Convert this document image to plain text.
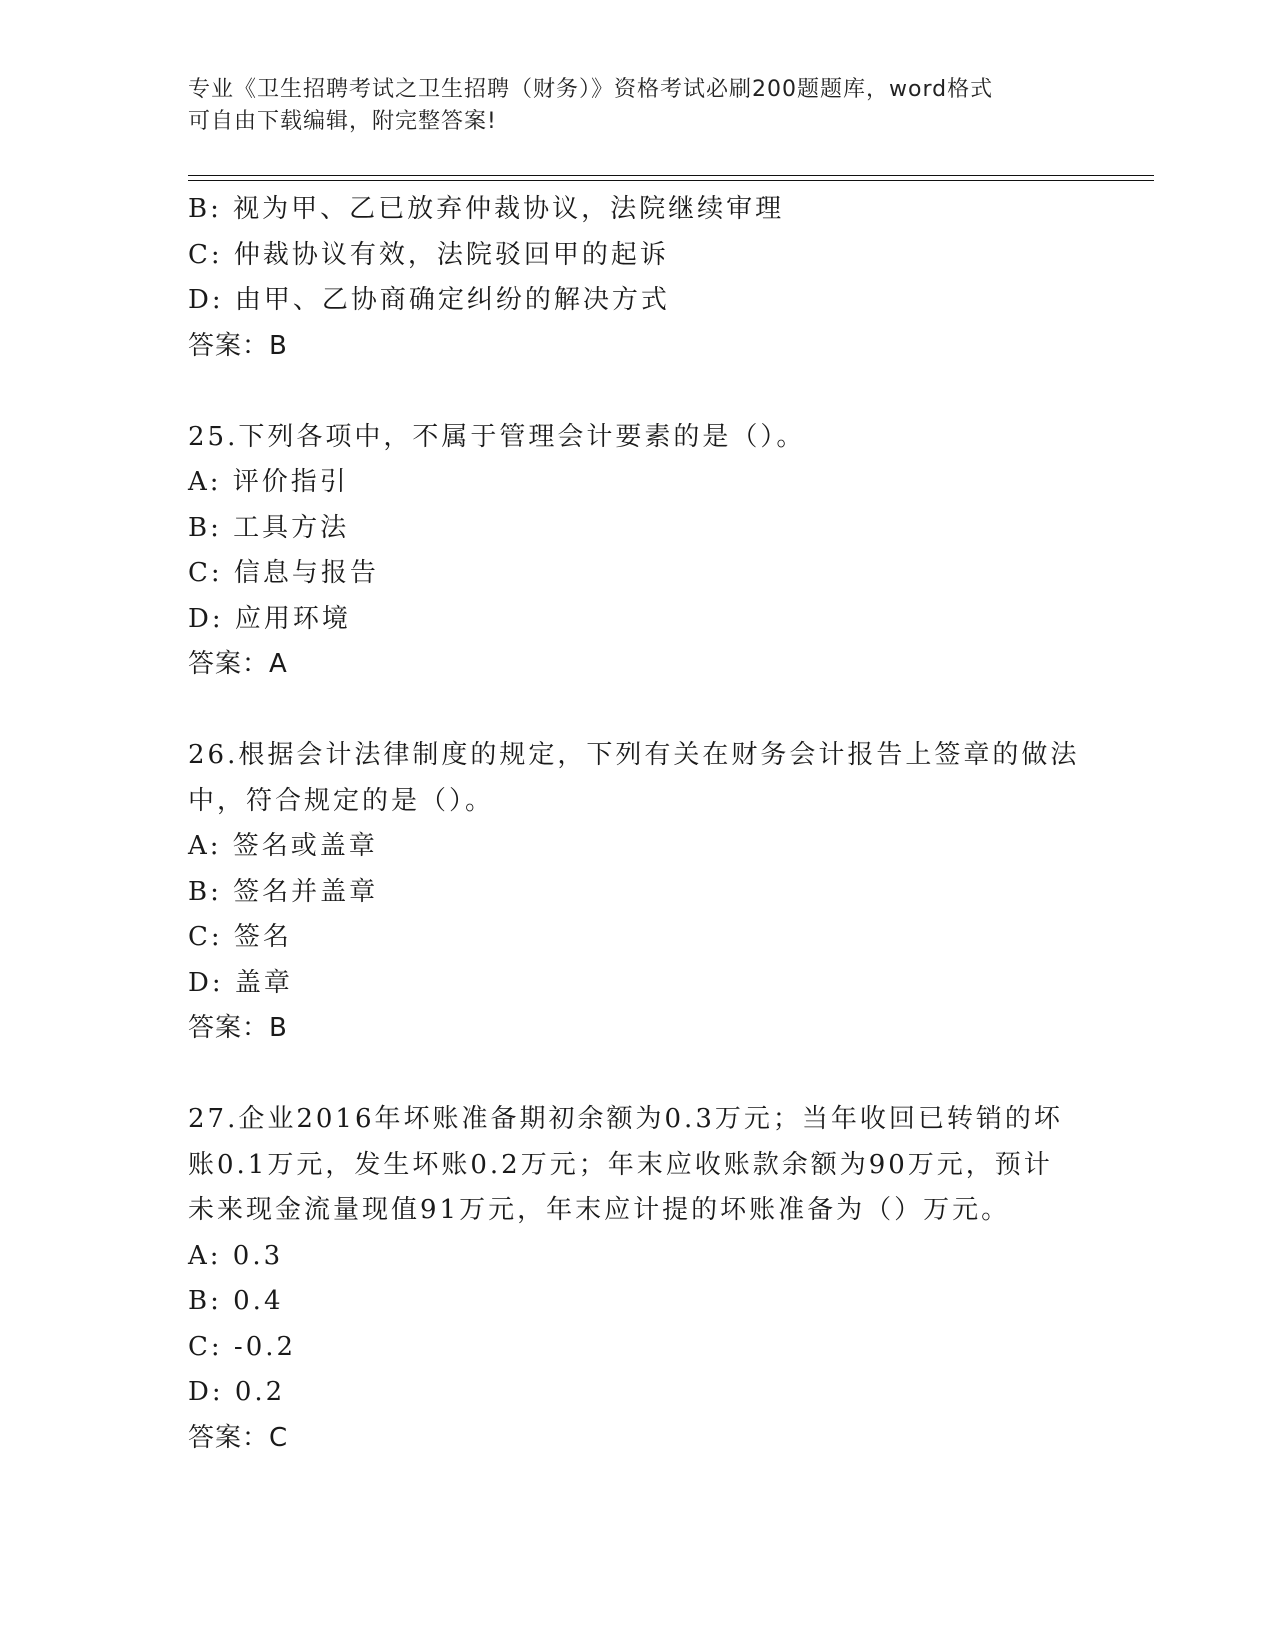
专业《卫生招聘考试之卫生招聘（财务）》资格考试必刷200题题库，word格式
可自由下载编辑，附完整答案!
B: 视为甲、乙已放弃仲裁协议，法院继续审理
C: 仲裁协议有效，法院驳回甲的起诉
D: 由甲、乙协商确定纠纷的解决方式
答案：B
25.下列各项中，不属于管理会计要素的是（）。
A: 评价指引
B: 工具方法
C: 信息与报告
D: 应用环境
答案：A
26.根据会计法律制度的规定，下列有关在财务会计报告上签章的做法
中，符合规定的是（）。
A: 签名或盖章
B: 签名并盖章
C: 签名
D: 盖章
答案：B
27.企业2016年坏账准备期初余额为0.3万元；当年收回已转销的坏
账0.1万元，发生坏账0.2万元；年末应收账款余额为90万元，预计
未来现金流量现值91万元，年末应计提的坏账准备为（）万元。
A: 0.3
B: 0.4
C: -0.2
D: 0.2
答案：C
